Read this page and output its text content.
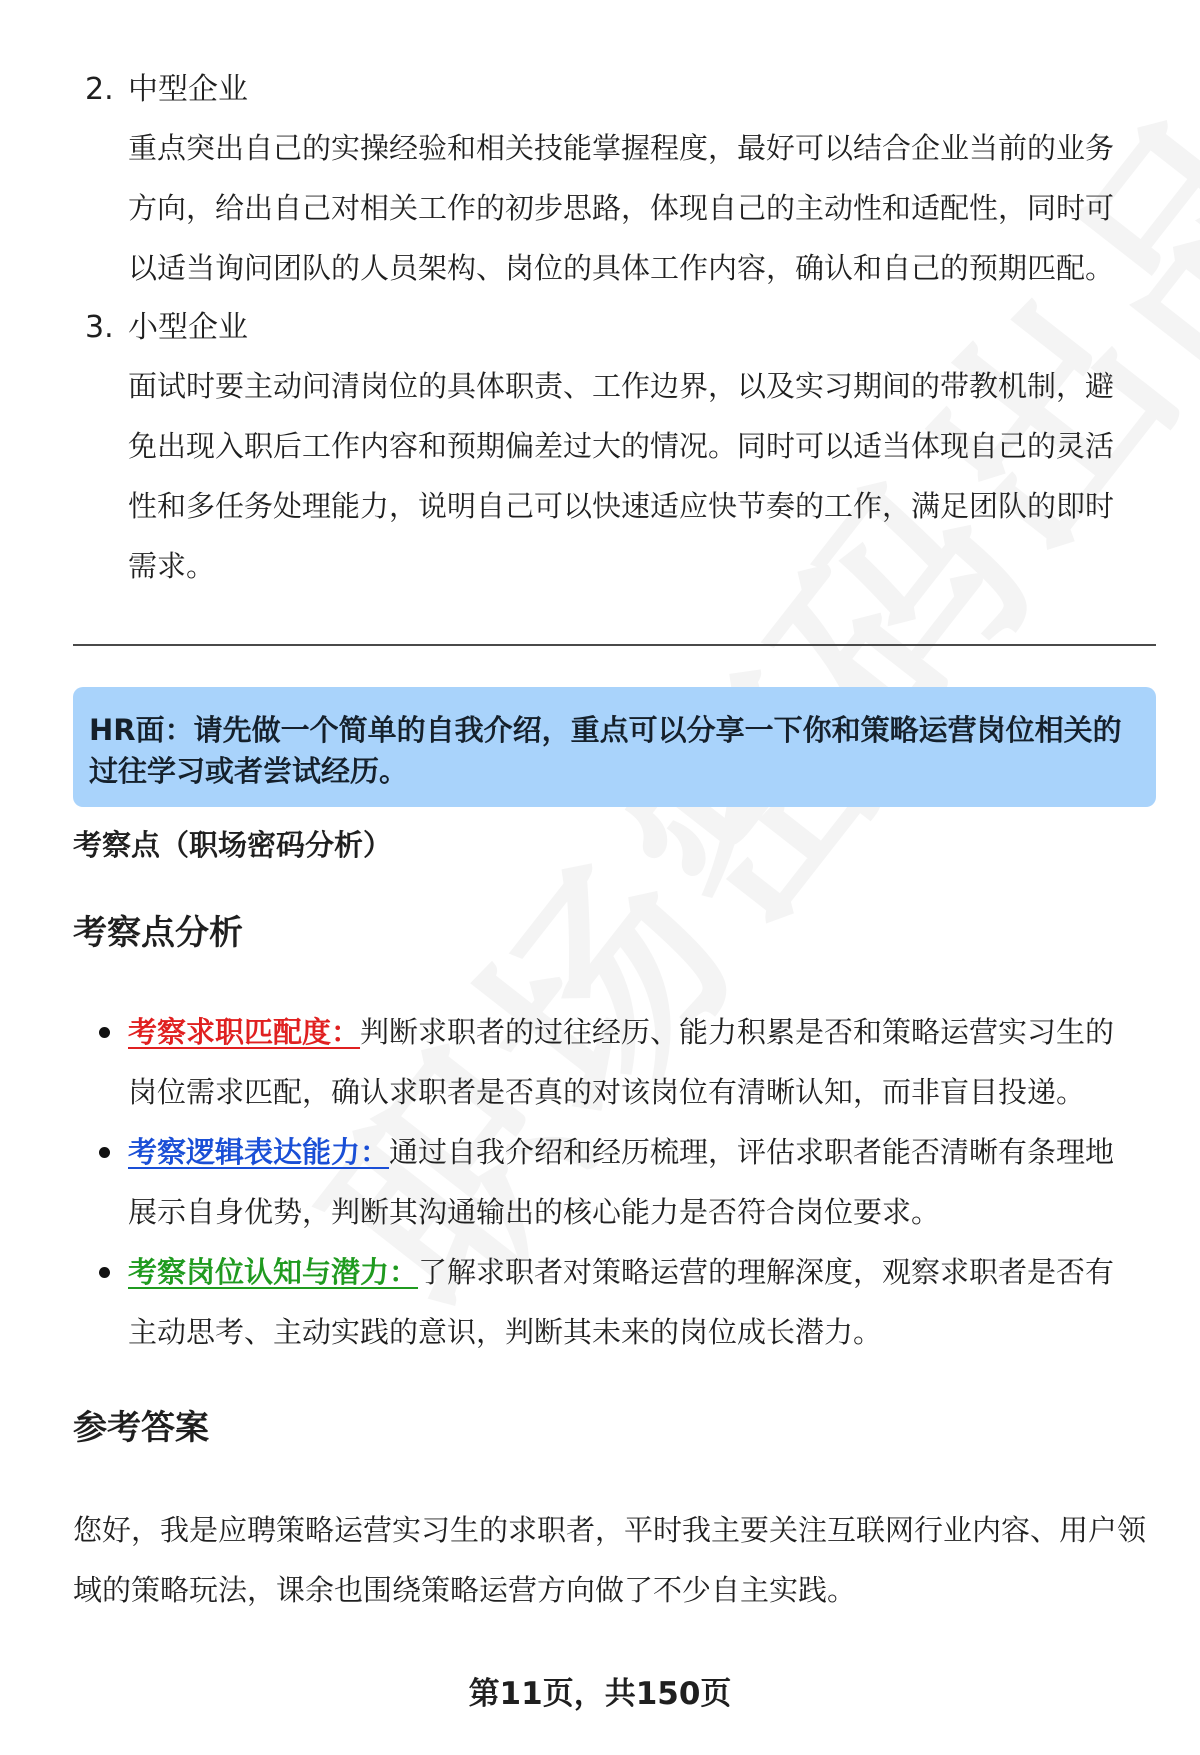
2. 中型企业

重点突出自己的实操经验和相关技能掌握程度，最好可以结合企业当前的业务方向，给出自己对相关工作的初步思路，体现自己的主动性和适配性，同时可以适当询问团队的人员架构、岗位的具体工作内容，确认和自己的预期匹配。

3. 小型企业

面试时要主动问清岗位的具体职责、工作边界，以及实习期间的带教机制，避免出现入职后工作内容和预期偏差过大的情况。同时可以适当体现自己的灵活性和多任务处理能力，说明自己可以快速适应快节奏的工作，满足团队的即时需求。

HR面：请先做一个简单的自我介绍，重点可以分享一下你和策略运营岗位相关的过往学习或者尝试经历。
考察点（职场密码分析）
考察点分析
考察求职匹配度：判断求职者的过往经历、能力积累是否和策略运营实习生的岗位需求匹配，确认求职者是否真的对该岗位有清晰认知，而非盲目投递。
考察逻辑表达能力：通过自我介绍和经历梳理，评估求职者能否清晰有条理地展示自身优势，判断其沟通输出的核心能力是否符合岗位要求。
考察岗位认知与潜力：了解求职者对策略运营的理解深度，观察求职者是否有主动思考、主动实践的意识，判断其未来的岗位成长潜力。
参考答案

您好，我是应聘策略运营实习生的求职者，平时我主要关注互联网行业内容、用户领域的策略玩法，课余也围绕策略运营方向做了不少自主实践。

第11页，共150页
